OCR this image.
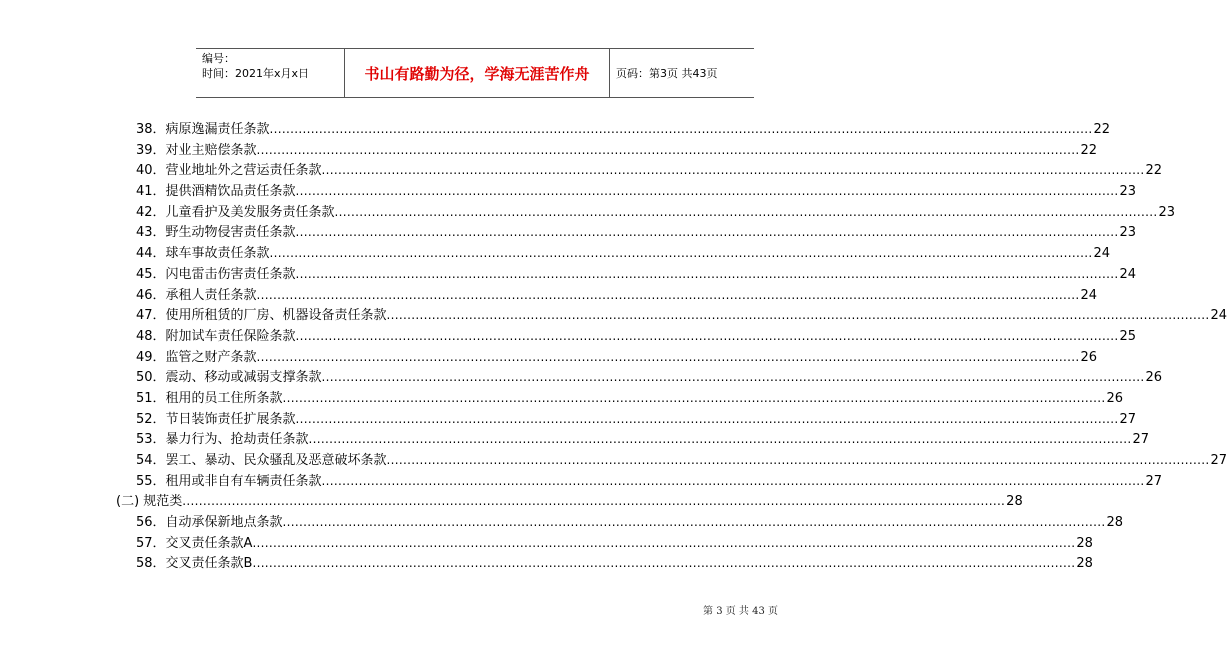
编号：
时间：2021年x月x日	书山有路勤为径，学海无涯苦作舟	页码：第3页 共43页
38．病原逸漏责任条款 ........................................................................................................................................................................................................ 22
39．对业主赔偿条款 ........................................................................................................................................................................................................ 22
40．营业地址外之营运责任条款 ........................................................................................................................................................................................................ 22
41．提供酒精饮品责任条款 ........................................................................................................................................................................................................ 23
42．儿童看护及美发服务责任条款 ........................................................................................................................................................................................................ 23
43．野生动物侵害责任条款 ........................................................................................................................................................................................................ 23
44．球车事故责任条款 ........................................................................................................................................................................................................ 24
45．闪电雷击伤害责任条款 ........................................................................................................................................................................................................ 24
46．承租人责任条款 ........................................................................................................................................................................................................ 24
47．使用所租赁的厂房、机器设备责任条款 ........................................................................................................................................................................................................ 24
48．附加试车责任保险条款 ........................................................................................................................................................................................................ 25
49．监管之财产条款 ........................................................................................................................................................................................................ 26
50．震动、移动或减弱支撑条款 ........................................................................................................................................................................................................ 26
51．租用的员工住所条款 ........................................................................................................................................................................................................ 26
52．节日装饰责任扩展条款 ........................................................................................................................................................................................................ 27
53．暴力行为、抢劫责任条款 ........................................................................................................................................................................................................ 27
54．罢工、暴动、民众骚乱及恶意破坏条款 ........................................................................................................................................................................................................ 27
55．租用或非自有车辆责任条款 ........................................................................................................................................................................................................ 27
(二) 规范类 ........................................................................................................................................................................................................ 28
56．自动承保新地点条款 ........................................................................................................................................................................................................ 28
57．交叉责任条款A ........................................................................................................................................................................................................ 28
58．交叉责任条款B ........................................................................................................................................................................................................ 28
第 3 页 共 43 页
